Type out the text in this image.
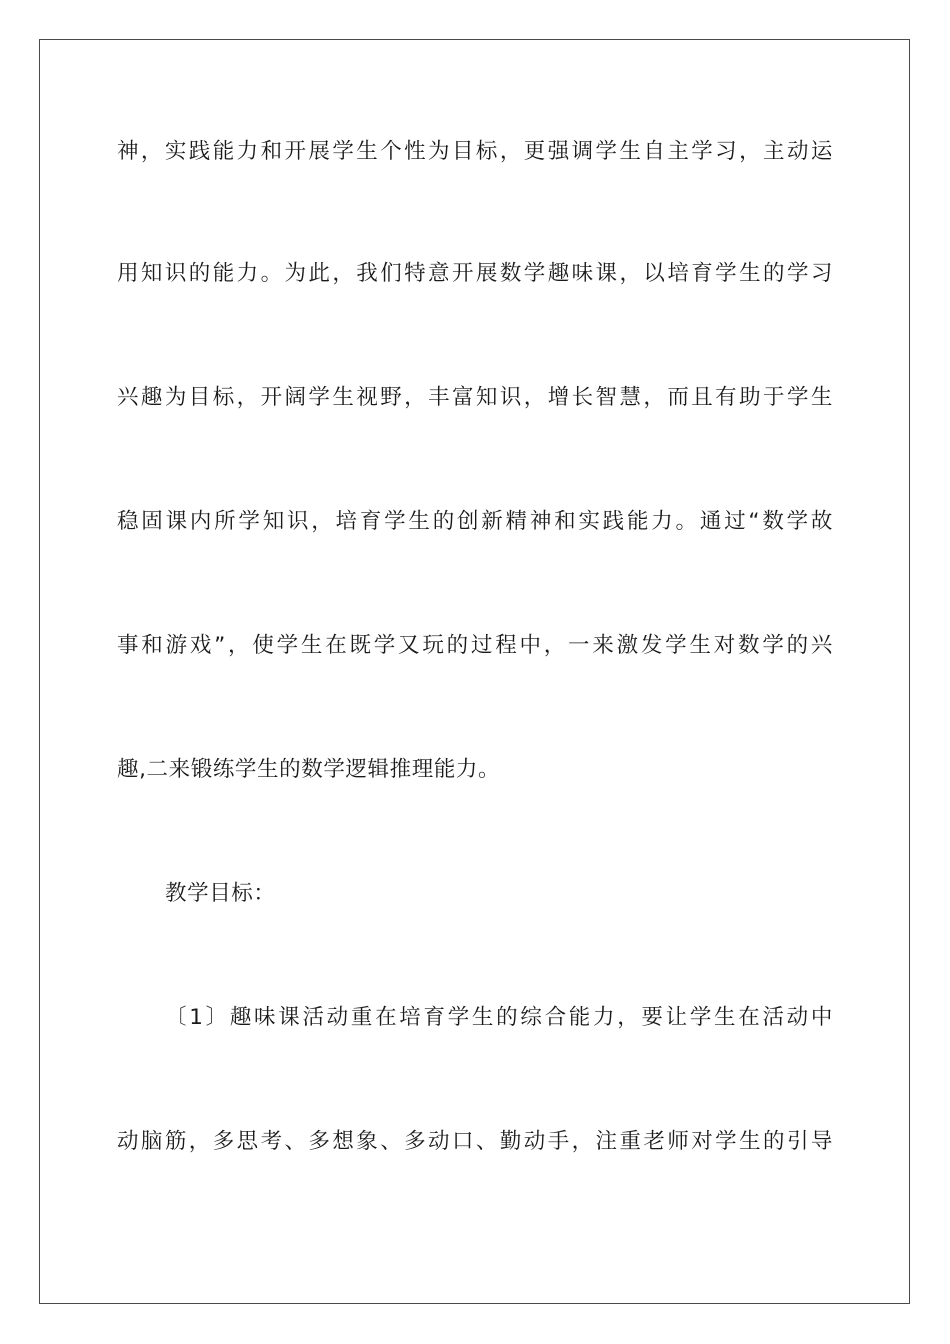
神，实践能力和开展学生个性为目标，更强调学生自主学习，主动运
用知识的能力。为此，我们特意开展数学趣味课，以培育学生的学习
兴趣为目标，开阔学生视野，丰富知识，增长智慧，而且有助于学生
稳固课内所学知识，培育学生的创新精神和实践能力。通过“数学故
事和游戏”，使学生在既学又玩的过程中，一来激发学生对数学的兴
趣,二来锻练学生的数学逻辑推理能力。
教学目标：
〔1〕趣味课活动重在培育学生的综合能力，要让学生在活动中
动脑筋，多思考、多想象、多动口、勤动手，注重老师对学生的引导
